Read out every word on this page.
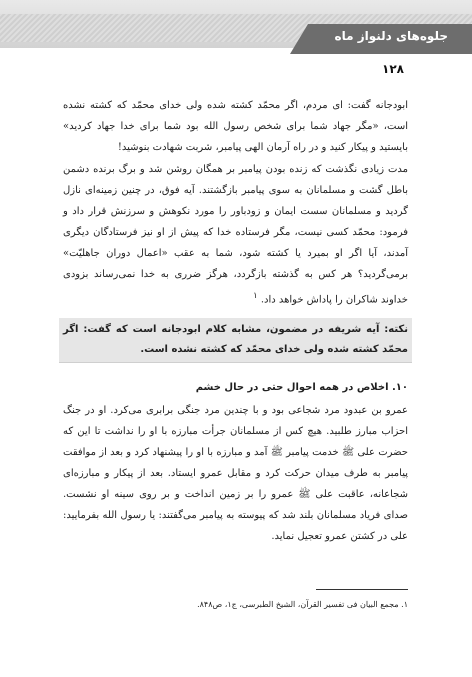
جلوه‌های دلنواز ماه
۱۲۸
ابودجانه گفت: ای مردم، اگر محمّد کشته شده ولی خدای محمّد که کشته نشده است، «مگر جهاد شما برای شخص رسول الله بود شما برای خدا جهاد کردید» بایستید و پیکار کنید و در راه آرمان الهی پیامبر، شربت شهادت بنوشید!
مدت زیادی نگذشت که زنده بودن پیامبر بر همگان روشن شد و برگ برنده دشمن باطل گشت و مسلمانان به سوی پیامبر بازگشتند. آیه فوق، در چنین زمینه‌ای نازل گردید و مسلمانان سست ایمان و زودباور را مورد نکوهش و سرزنش قرار داد و فرمود: محمّد کسی نیست، مگر فرستاده خدا که پیش از او نیز فرستادگان دیگری آمدند، آیا اگر او بمیرد یا کشته شود، شما به عقب «اعمال دوران جاهلیّت» برمی‌گردید؟ هر کس به گذشته بازگردد، هرگز ضرری به خدا نمی‌رساند بزودی خداوند شاکران را پاداش خواهد داد. $^۱$
نکته: آیه شریفه در مضمون، مشابه کلام ابودجانه است که گفت: اگر محمّد کشته شده ولی خدای محمّد که کشته نشده است.
۱۰. اخلاص در همه احوال حتی در حال خشم
عمرو بن عبدود مرد شجاعی بود و با چندین مرد جنگی برابری می‌کرد. او در جنگ احزاب مبارز طلبید. هیچ کس از مسلمانان جرأت مبارزه با او را نداشت تا این که حضرت علی ﷺ خدمت پیامبر ﷺ آمد و مبارزه با او را پیشنهاد کرد و بعد از موافقت پیامبر به طرف میدان حرکت کرد و مقابل عمرو ایستاد. بعد از پیکار و مبارزه‌ای شجاعانه، عاقبت علی ﷺ عمرو را بر زمین انداخت و بر روی سینه او نشست. صدای فریاد مسلمانان بلند شد که پیوسته به پیامبر می‌گفتند: یا رسول الله بفرمایید: علی در کشتن عمرو تعجیل نماید.
۱. مجمع البیان فی تفسیر القرآن، الشیخ الطبرسی، ج۱، ص۸۴۸.
